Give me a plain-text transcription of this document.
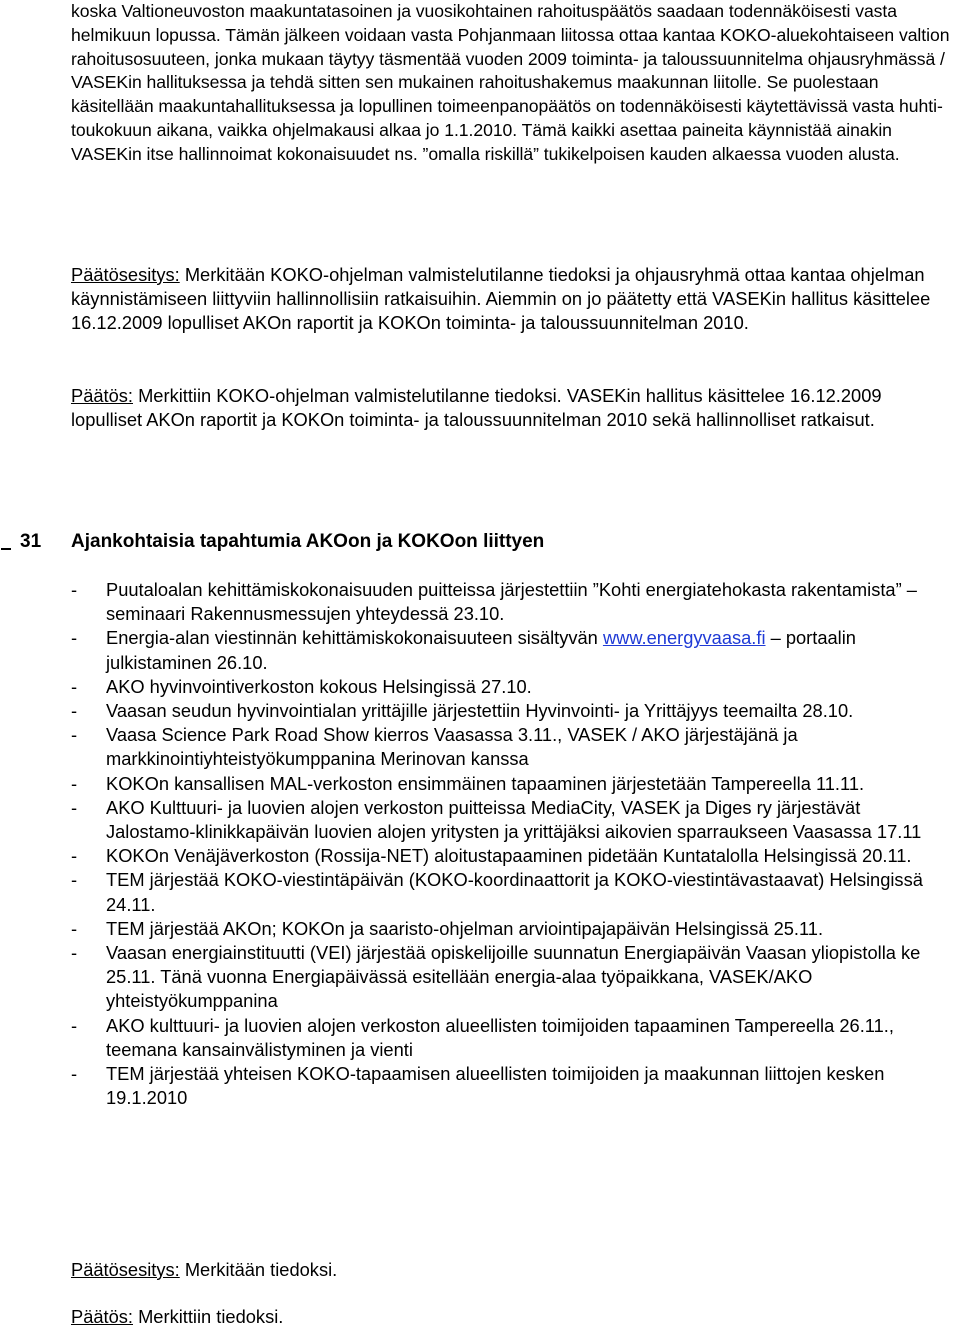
koska Valtioneuvoston maakuntatasoinen ja vuosikohtainen rahoituspäätös saadaan todennäköisesti vasta helmikuun lopussa. Tämän jälkeen voidaan vasta Pohjanmaan liitossa ottaa kantaa KOKO-aluekohtaiseen valtion rahoitusosuuteen, jonka mukaan täytyy täsmentää vuoden 2009 toiminta- ja taloussuunnitelma ohjausryhmässä / VASEKin hallituksessa ja tehdä sitten sen mukainen rahoitushakemus maakunnan liitolle. Se puolestaan käsitellään maakuntahallituksessa ja lopullinen toimeenpanopäätös on todennäköisesti käytettävissä vasta huhti-toukokuun aikana, vaikka ohjelmakausi alkaa jo 1.1.2010. Tämä kaikki asettaa paineita käynnistää ainakin VASEKin itse hallinnoimat kokonaisuudet ns. ”omalla riskillä” tukikelpoisen kauden alkaessa vuoden alusta.
Päätösesitys: Merkitään KOKO-ohjelman valmistelutilanne tiedoksi ja ohjausryhmä ottaa kantaa ohjelman käynnistämiseen liittyviin hallinnollisiin ratkaisuihin. Aiemmin on jo päätetty että VASEKin hallitus käsittelee 16.12.2009 lopulliset AKOn raportit ja KOKOn toiminta- ja taloussuunnitelman 2010.
Päätös: Merkittiin KOKO-ohjelman valmistelutilanne tiedoksi. VASEKin hallitus käsittelee 16.12.2009 lopulliset AKOn raportit ja KOKOn toiminta- ja taloussuunnitelman 2010 sekä hallinnolliset ratkaisut.
31 Ajankohtaisia tapahtumia AKOon ja KOKOon liittyen
- Puutaloalan kehittämiskokonaisuuden puitteissa järjestettiin ”Kohti energiatehokasta rakentamista” –seminaari Rakennusmessujen yhteydessä 23.10.
- Energia-alan viestinnän kehittämiskokonaisuuteen sisältyvän www.energyvaasa.fi – portaalin julkistaminen 26.10.
- AKO hyvinvointiverkoston kokous Helsingissä 27.10.
- Vaasan seudun hyvinvointialan yrittäjille järjestettiin Hyvinvointi- ja Yrittäjyys teemailta 28.10.
- Vaasa Science Park Road Show kierros Vaasassa 3.11., VASEK / AKO järjestäjänä ja markkinointiyhteistyökumppanina Merinovan kanssa
- KOKOn kansallisen MAL-verkoston ensimmäinen tapaaminen järjestetään Tampereella 11.11.
- AKO Kulttuuri- ja luovien alojen verkoston puitteissa MediaCity, VASEK ja Diges ry järjestävät Jalostamo-klinikkapäivän luovien alojen yritysten ja yrittäjäksi aikovien sparraukseen Vaasassa 17.11
- KOKOn Venäjäverkoston (Rossija-NET) aloitustapaaminen pidetään Kuntatalolla Helsingissä 20.11.
- TEM järjestää KOKO-viestintäpäivän (KOKO-koordinaattorit ja KOKO-viestintävastaavat) Helsingissä 24.11.
- TEM järjestää AKOn; KOKOn ja saaristo-ohjelman arviointipajapäivän Helsingissä 25.11.
- Vaasan energiainstituutti (VEI) järjestää opiskelijoille suunnatun Energiapäivän Vaasan yliopistolla ke 25.11. Tänä vuonna Energiapäivässä esitellään energia-alaa työpaikkana, VASEK/AKO yhteistyökumppanina
- AKO kulttuuri- ja luovien alojen verkoston alueellisten toimijoiden tapaaminen Tampereella 26.11., teemana kansainvälistyminen ja vienti
- TEM järjestää yhteisen KOKO-tapaamisen alueellisten toimijoiden ja maakunnan liittojen kesken 19.1.2010
Päätösesitys: Merkitään tiedoksi.
Päätös: Merkittiin tiedoksi.
